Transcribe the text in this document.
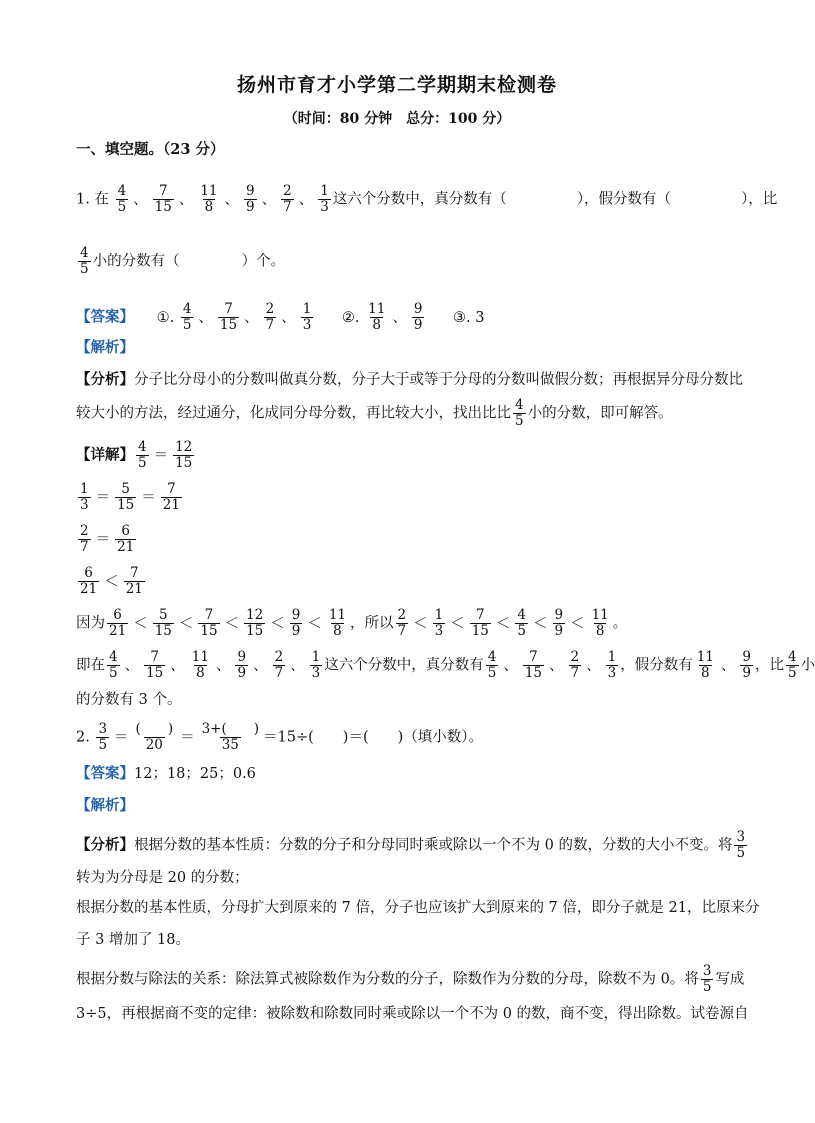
扬州市育才小学第二学期期末检测卷
（时间：80 分钟　总分：100 分）
一、填空题。（23 分）
1. 在 $\frac{4}{5}$ 、 $\frac{7}{15}$ 、 $\frac{11}{8}$ 、 $\frac{9}{9}$ 、 $\frac{2}{7}$ 、 $\frac{1}{3}$ 这六个分数中，真分数有（	），假分数有（	），比
$\frac{4}{5}$ 小的分数有（	）个。
【答案】 ①. $\frac{4}{5}$ 、 $\frac{7}{15}$ 、 $\frac{2}{7}$ 、 $\frac{1}{3}$ ②. $\frac{11}{8}$ 、 $\frac{9}{9}$ ③. 3
【解析】
【分析】分子比分母小的分数叫做真分数，分子大于或等于分母的分数叫做假分数；再根据异分母分数比
较大小的方法，经过通分，化成同分母分数，再比较大小，找出比比 $\frac{4}{5}$ 小的分数，即可解答。
【详解】 $\frac{4}{5} = \frac{12}{15}$
$\frac{1}{3} = \frac{5}{15} = \frac{7}{21}$
$\frac{2}{7} = \frac{6}{21}$
$\frac{6}{21} < \frac{7}{21}$
因为 $\frac{6}{21} < \frac{5}{15} < \frac{7}{15} < \frac{12}{15} < \frac{9}{9} < \frac{11}{8}$ ，所以 $\frac{2}{7} < \frac{1}{3} < \frac{7}{15} < \frac{4}{5} < \frac{9}{9} < \frac{11}{8}$ 。
即在 $\frac{4}{5}$ 、 $\frac{7}{15}$ 、 $\frac{11}{8}$ 、 $\frac{9}{9}$ 、 $\frac{2}{7}$ 、 $\frac{1}{3}$ 这六个分数中，真分数有 $\frac{4}{5}$ 、 $\frac{7}{15}$ 、 $\frac{2}{7}$ 、 $\frac{1}{3}$ ，假分数有 $\frac{11}{8}$ 、 $\frac{9}{9}$ ，比 $\frac{4}{5}$ 小
的分数有 3 个。
2. $\frac{3}{5} = \frac{( )}{20} = \frac{3+( )}{35} =15\div$(　　)＝(　　)（填小数）。
【答案】12；18；25；0.6
【解析】
【分析】根据分数的基本性质：分数的分子和分母同时乘或除以一个不为 0 的数，分数的大小不变。将 $\frac{3}{5}$
转为为分母是 20 的分数；
根据分数的基本性质，分母扩大到原来的 7 倍，分子也应该扩大到原来的 7 倍，即分子就是 21，比原来分
子 3 增加了 18。
根据分数与除法的关系：除法算式被除数作为分数的分子，除数作为分数的分母，除数不为 0。将 $\frac{3}{5}$ 写成
3÷5，再根据商不变的定律：被除数和除数同时乘或除以一个不为 0 的数，商不变，得出除数。试卷源自
